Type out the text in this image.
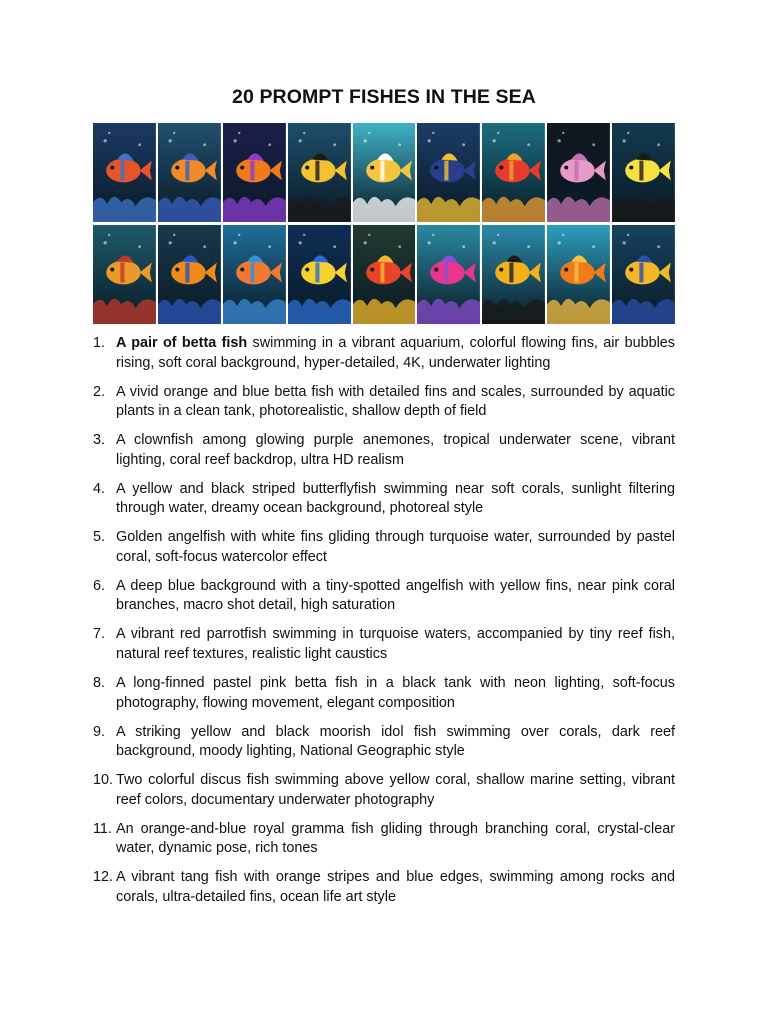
20 PROMPT FISHES IN THE SEA
1. A pair of betta fish swimming in a vibrant aquarium, colorful flowing fins, air bubbles rising, soft coral background, hyper-detailed, 4K, underwater lighting
2. A vivid orange and blue betta fish with detailed fins and scales, surrounded by aquatic plants in a clean tank, photorealistic, shallow depth of field
3. A clownfish among glowing purple anemones, tropical underwater scene, vibrant lighting, coral reef backdrop, ultra HD realism
4. A yellow and black striped butterflyfish swimming near soft corals, sunlight filtering through water, dreamy ocean background, photoreal style
5. Golden angelfish with white fins gliding through turquoise water, surrounded by pastel coral, soft-focus watercolor effect
6. A deep blue background with a tiny-spotted angelfish with yellow fins, near pink coral branches, macro shot detail, high saturation
7. A vibrant red parrotfish swimming in turquoise waters, accompanied by tiny reef fish, natural reef textures, realistic light caustics
8. A long-finned pastel pink betta fish in a black tank with neon lighting, soft-focus photography, flowing movement, elegant composition
9. A striking yellow and black moorish idol fish swimming over corals, dark reef background, moody lighting, National Geographic style
10. Two colorful discus fish swimming above yellow coral, shallow marine setting, vibrant reef colors, documentary underwater photography
11. An orange-and-blue royal gramma fish gliding through branching coral, crystal-clear water, dynamic pose, rich tones
12. A vibrant tang fish with orange stripes and blue edges, swimming among rocks and corals, ultra-detailed fins, ocean life art style
